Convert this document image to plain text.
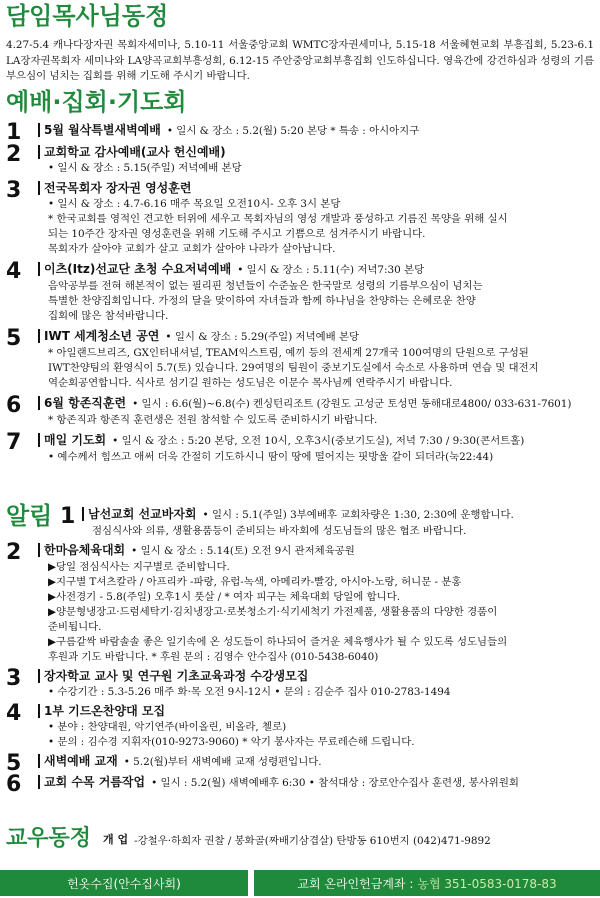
담임목사님동정

4.27-5.4 캐나다장자권 목회자세미나, 5.10-11 서울중앙교회 WMTC장자권세미나, 5.15-18 서울혜현교회 부흥집회, 5.23-6.1 LA장자권목회자 세미나와 LA양곡교회부흥성회, 6.12-15 주안중앙교회부흥집회 인도하십니다. 영육간에 강건하심과 성령의 기름부으심이 넘치는 집회를 위해 기도해 주시기 바랍니다.

예배·집회·기도회
1	5월 월삭특별새벽예배 • 일시 & 장소 : 5.2(월) 5:20 본당 * 특송 : 아시아지구
2	교회학교 감사예배(교사 헌신예배)
• 일시 & 장소 : 5.15(주일) 저녁예배 본당
3	전국목회자 장자권 영성훈련
• 일시 & 장소 : 4.7-6.16 매주 목요일 오전10시- 오후 3시 본당
* 한국교회를 영적인 견고한 터위에 세우고 목회자님의 영성 개발과 풍성하고 기름진 목양을 위해 실시
되는 10주간 장자권 영성훈련을 위해 기도해 주시고 기쁨으로 섬겨주시기 바랍니다.
목회자가 살아야 교회가 살고 교회가 살아야 나라가 살아납니다.
4	이츠(Itz)선교단 초청 수요저녁예배 • 일시 & 장소 : 5.11(수) 저녁7:30 본당
음악공부를 전혀 해본적이 없는 필리핀 청년들이 수준높은 한국말로 성령의 기름부으심이 넘치는
특별한 찬양집회입니다. 가정의 달을 맞이하여 자녀들과 함께 하나님을 찬양하는 은혜로운 찬양
집회에 많은 참석바랍니다.
5	IWT 세계청소년 공연 • 일시 & 장소 : 5.29(주일) 저녁예배 본당
* 아일랜드브리즈, GX인터내셔널, TEAM익스트림, 예끼 등의 전세계 27개국 100여명의 단원으로 구성된
IWT찬양팀의 환영식이 5.7(토) 있습니다. 29여명의 팀원이 중보기도실에서 숙소로 사용하며 연습 및 대전지
역순회공연합니다. 식사로 섬기길 원하는 성도님은 이문수 목사님께 연락주시기 바랍니다.
6	6월 항존직훈련 • 일시 : 6.6(월)~6.8(수) 켄싱턴리조트 (강원도 고성군 토성면 동해대로4800/ 033-631-7601)
* 항존직과 항존직 훈련생은 전원 참석할 수 있도록 준비하시기 바랍니다.
7	매일 기도회 • 일시 & 장소 : 5:20 본당, 오전 10시, 오후3시(중보기도실), 저녁 7:30 / 9:30(콘서트홀)
• 예수께서 힘쓰고 애써 더욱 간절히 기도하시니 땀이 땅에 떨어지는 핏방울 같이 되더라(눅22:44)
알림 1	남선교회 선교바자회 • 일시 : 5.1(주일) 3부예배후 교회차량은 1:30, 2:30에 운행합니다.
점심식사와 의류, 생활용품등이 준비되는 바자회에 성도님들의 많은 협조 바랍니다.
2	한마음체육대회 • 일시 & 장소 : 5.14(토) 오전 9시 관저체육공원
▶당일 점심식사는 지구별로 준비합니다.
▶지구별 T셔츠칼라 / 아프리카 -파랑, 유럽-녹색, 아메리카-빨강, 아시아-노랑, 허니문 - 분홍
▶사전경기 - 5.8(주일) 오후1시 풋살 / * 여자 피구는 체육대회 당일에 합니다.
▶양문형냉장고·드럼세탁기·김치냉장고·로봇청소기·식기세척기 가전제품, 생활용품의 다양한 경품이
준비됩니다.
▶구름같싹 바람솔솔 좋은 일기속에 온 성도들이 하나되어 즐거운 체육행사가 될 수 있도록 성도님들의
후원과 기도 바랍니다. * 후원 문의 : 김영수 안수집사 (010-5438-6040)
3	장자학교 교사 및 연구원 기초교육과정 수강생모집
• 수강기간 : 5.3-5.26 매주 화·목 오전 9시-12시 • 문의 : 김순주 집사 010-2783-1494
4	1부 기드온찬양대 모집
• 분야 : 찬양대원, 악기연주(바이올린, 비올라, 첼로)
• 문의 : 김수경 지휘자(010-9273-9060) * 악기 봉사자는 무료레슨해 드립니다.
5	새벽예배 교재 • 5.2(월)부터 새벽예배 교재 성령편입니다.
6	교회 수목 거름작업 • 일시 : 5.2(월) 새벽예배후 6:30 • 참석대상 : 장로안수집사 훈련생, 봉사위원회
교우동정 개 업 -강철우·하희자 권찰 / 봉화골(짜배기삼겹살) 탄방동 610번지 (042)471-9892
헌옷수집(안수집사회)	교회 온라인헌금계좌 : 농협 351-0583-0178-83
